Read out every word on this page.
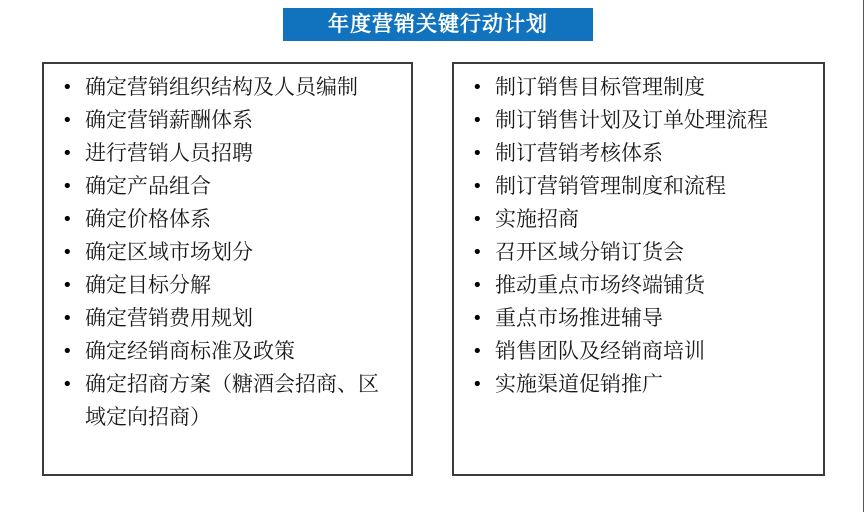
年度营销关键行动计划
• 确定营销组织结构及人员编制
• 确定营销薪酬体系
• 进行营销人员招聘
• 确定产品组合
• 确定价格体系
• 确定区域市场划分
• 确定目标分解
• 确定营销费用规划
• 确定经销商标准及政策
• 确定招商方案（糖酒会招商、区域定向招商）
• 制订销售目标管理制度
• 制订销售计划及订单处理流程
• 制订营销考核体系
• 制订营销管理制度和流程
• 实施招商
• 召开区域分销订货会
• 推动重点市场终端铺货
• 重点市场推进辅导
• 销售团队及经销商培训
• 实施渠道促销推广
